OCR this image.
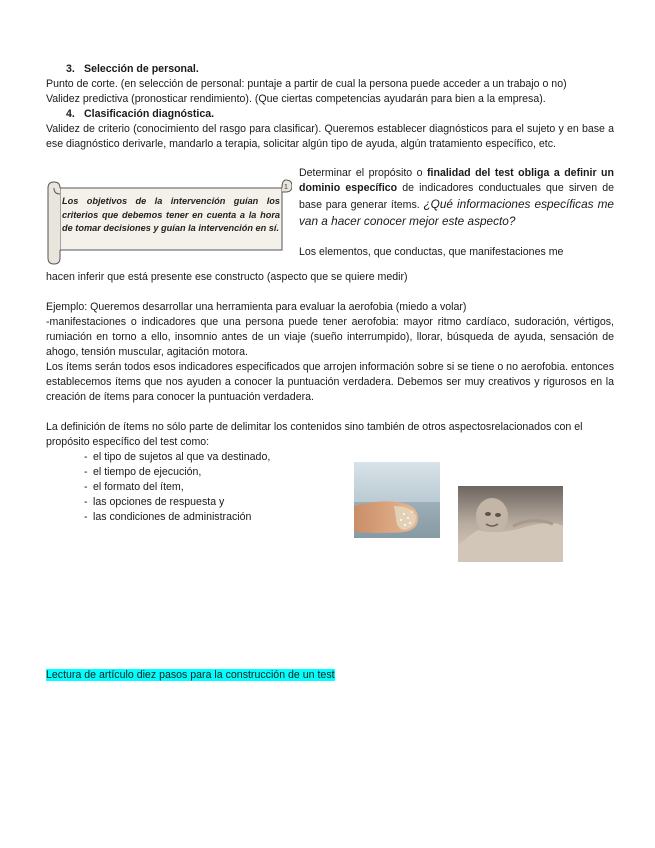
3. Selección de personal.

Punto de corte. (en selección de personal: puntaje a partir de cual la persona puede acceder a un trabajo o no)

Validez predictiva (pronosticar rendimiento). (Que ciertas competencias ayudarán para bien a la empresa).

4. Clasificación diagnóstica.

Validez de criterio (conocimiento del rasgo para clasificar). Queremos establecer diagnósticos para el sujeto y en base a ese diagnóstico derivarle, mandarlo a terapia, solicitar algún tipo de ayuda, algún tratamiento específico, etc.

1
Los objetivos de la intervención guían los criterios que debemos tener en cuenta a la hora de tomar decisiones y guían la intervención en sí.

Determinar el propósito o finalidad del test obliga a definir un dominio específico de indicadores conductuales que sirven de base para generar ítems. ¿Qué informaciones específicas me van a hacer conocer mejor este aspecto?

Los elementos, que conductas, que manifestaciones me

hacen inferir que está presente ese constructo (aspecto que se quiere medir)

Ejemplo: Queremos desarrollar una herramienta para evaluar la aerofobia (miedo a volar)

-manifestaciones o indicadores que una persona puede tener aerofobia: mayor ritmo cardíaco, sudoración, vértigos, rumiación en torno a ello, insomnio antes de un viaje (sueño interrumpido), llorar, búsqueda de ayuda, sensación de ahogo, tensión muscular, agitación motora.

Los ítems serán todos esos indicadores especificados que arrojen información sobre si se tiene o no aerofobia. entonces establecemos ítems que nos ayuden a conocer la puntuación verdadera. Debemos ser muy creativos y rigurosos en la creación de ítems para conocer la puntuación verdadera.

La definición de ítems no sólo parte de delimitar los contenidos sino también de otros aspectosrelacionados con el propósito específico del test como:

- el tipo de sujetos al que va destinado,
- el tiempo de ejecución,
- el formato del ítem,
- las opciones de respuesta y
- las condiciones de administración

Lectura de artículo diez pasos para la construcción de un test
